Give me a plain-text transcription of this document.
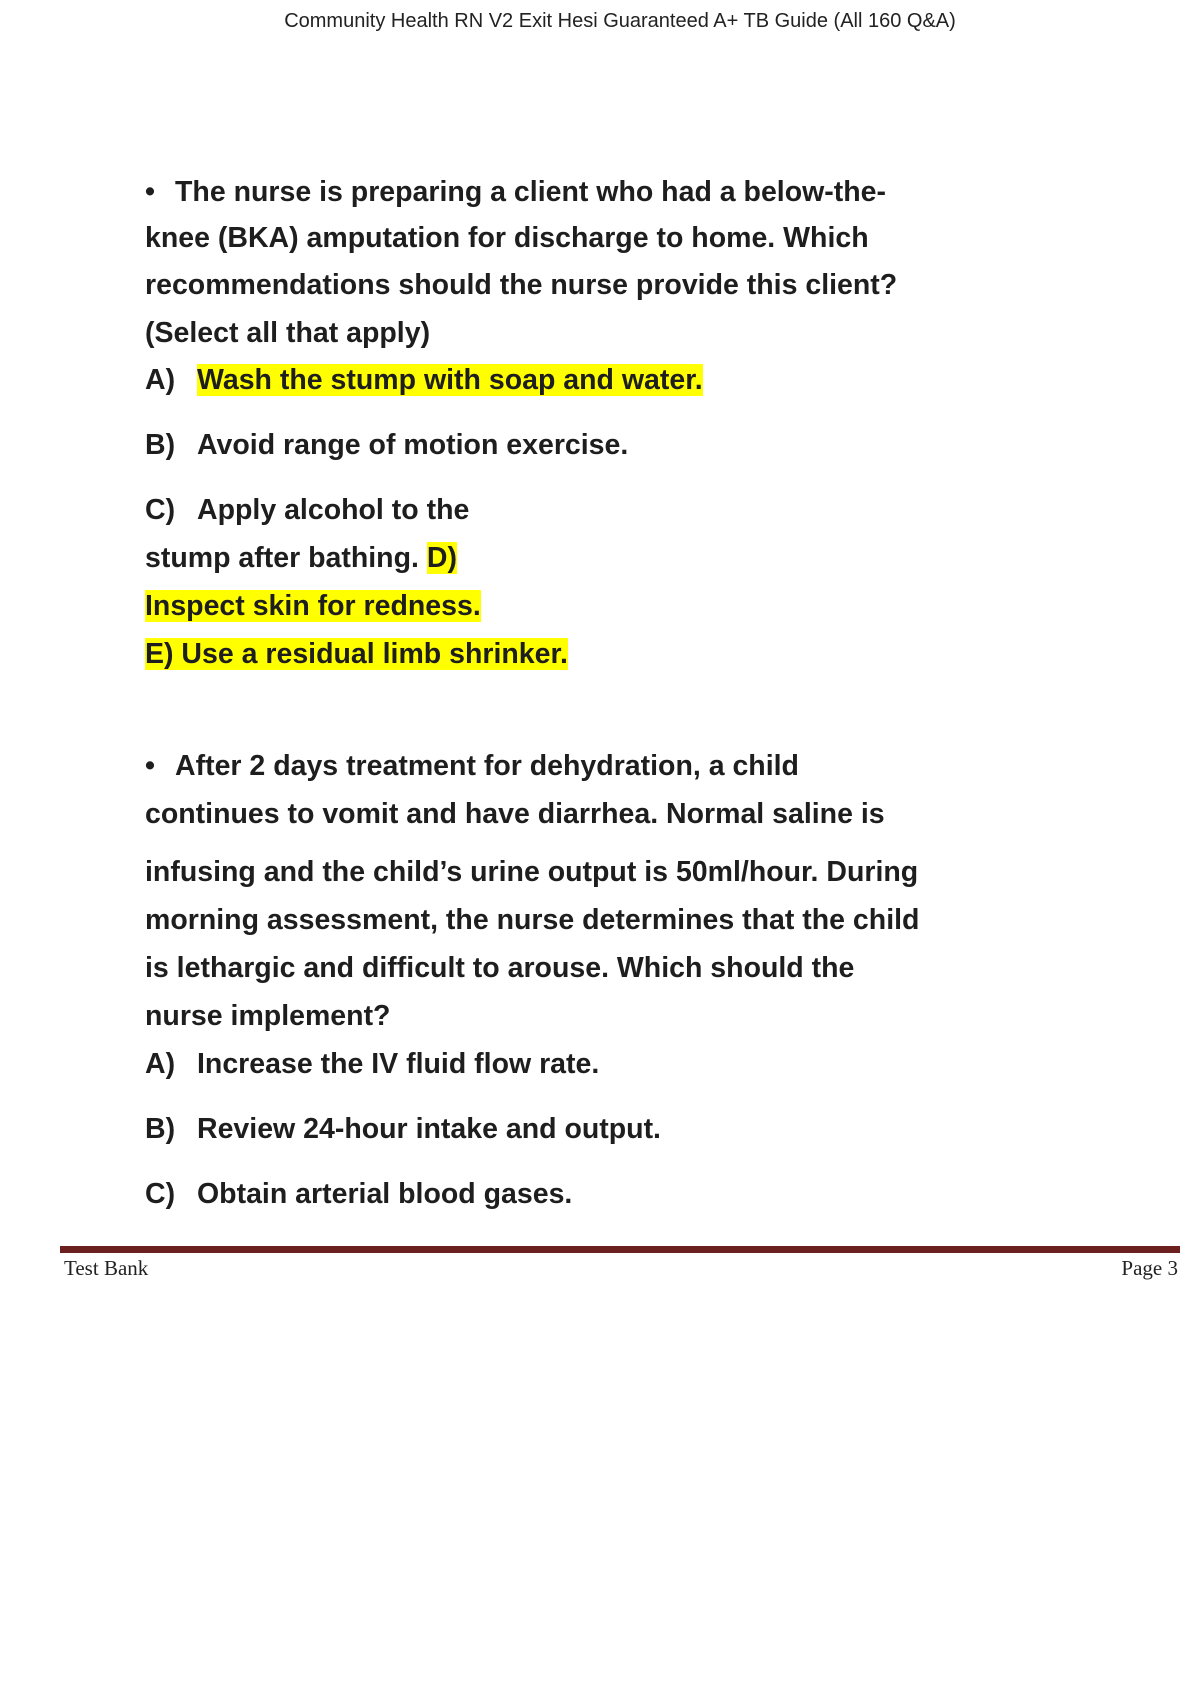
Community Health RN V2 Exit Hesi Guaranteed A+ TB Guide (All 160 Q&A)
• The nurse is preparing a client who had a below-the-
knee (BKA) amputation for discharge to home. Which
recommendations should the nurse provide this client?
(Select all that apply)
A) Wash the stump with soap and water.
B) Avoid range of motion exercise.
C) Apply alcohol to the
stump after bathing. D)
Inspect skin for redness.
E) Use a residual limb shrinker.
• After 2 days treatment for dehydration, a child
continues to vomit and have diarrhea. Normal saline is
infusing and the child’s urine output is 50ml/hour. During
morning assessment, the nurse determines that the child
is lethargic and difficult to arouse. Which should the
nurse implement?
A) Increase the IV fluid flow rate.
B) Review 24-hour intake and output.
C) Obtain arterial blood gases.
Test Bank	Page 3
